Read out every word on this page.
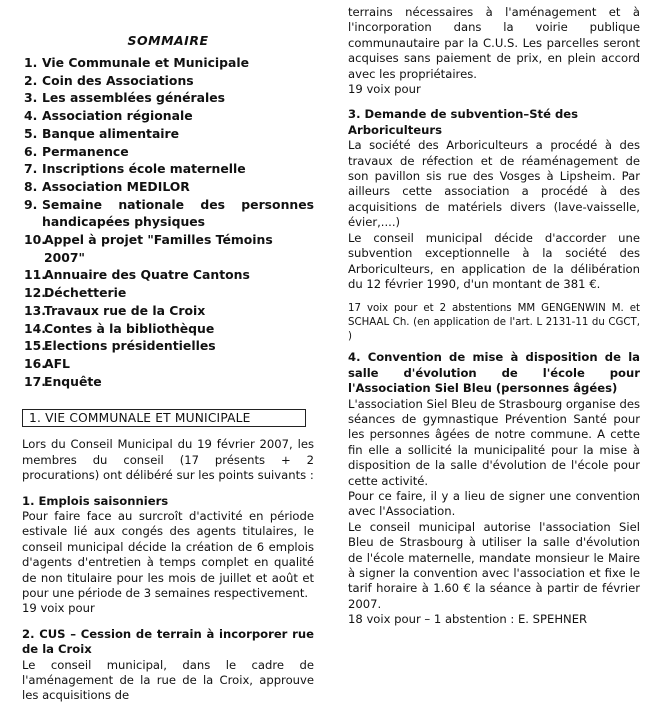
SOMMAIRE
1. Vie Communale et Municipale
2. Coin des Associations
3. Les assemblées générales
4. Association régionale
5. Banque alimentaire
6. Permanence
7. Inscriptions école maternelle
8. Association MEDILOR
9. Semaine nationale des personnes handicapées physiques
10.
Appel à projet "Familles Témoins 2007"
11.
Annuaire des Quatre Cantons
12.
Déchetterie
13.
Travaux rue de la Croix
14.
Contes à la bibliothèque
15.
Elections présidentielles
16.
AFL
17.
Enquête
1. VIE COMMUNALE ET MUNICIPALE

Lors du Conseil Municipal du 19 février 2007, les membres du conseil (17 présents + 2 procurations) ont délibéré sur les points suivants :

1. Emplois saisonniers

Pour faire face au surcroît d'activité en période estivale lié aux congés des agents titulaires, le conseil municipal décide la création de 6 emplois d'agents d'entretien à temps complet en qualité de non titulaire pour les mois de juillet et août et pour une période de 3 semaines respectivement.

19 voix pour

2. CUS – Cession de terrain à incorporer rue de la Croix

Le conseil municipal, dans le cadre de l'aménagement de la rue de la Croix, approuve les acquisitions de

terrains nécessaires à l'aménagement et à l'incorporation dans la voirie publique communautaire par la C.U.S. Les parcelles seront acquises sans paiement de prix, en plein accord avec les propriétaires.

19 voix pour

3. Demande de subvention–Sté des Arboriculteurs

La société des Arboriculteurs a procédé à des travaux de réfection et de réaménagement de son pavillon sis rue des Vosges à Lipsheim. Par ailleurs cette association a procédé à des acquisitions de matériels divers (lave-vaisselle, évier,....)

Le conseil municipal décide d'accorder une subvention exceptionnelle à la société des Arboriculteurs, en application de la délibération du 12 février 1990, d'un montant de 381 €.

17 voix pour et 2 abstentions MM GENGENWIN M. et SCHAAL Ch. (en application de l'art. L 2131-11 du CGCT, )

4. Convention de mise à disposition de la salle d'évolution de l'école pour l'Association Siel Bleu (personnes âgées)

L'association Siel Bleu de Strasbourg organise des séances de gymnastique Prévention Santé pour les personnes âgées de notre commune. A cette fin elle a sollicité la municipalité pour la mise à disposition de la salle d'évolution de l'école pour cette activité.

Pour ce faire, il y a lieu de signer une convention avec l'Association.

Le conseil municipal autorise l'association Siel Bleu de Strasbourg à utiliser la salle d'évolution de l'école maternelle, mandate monsieur le Maire à signer la convention avec l'association et fixe le tarif horaire à 1.60 € la séance à partir de février 2007.

18 voix pour – 1 abstention : E. SPEHNER
